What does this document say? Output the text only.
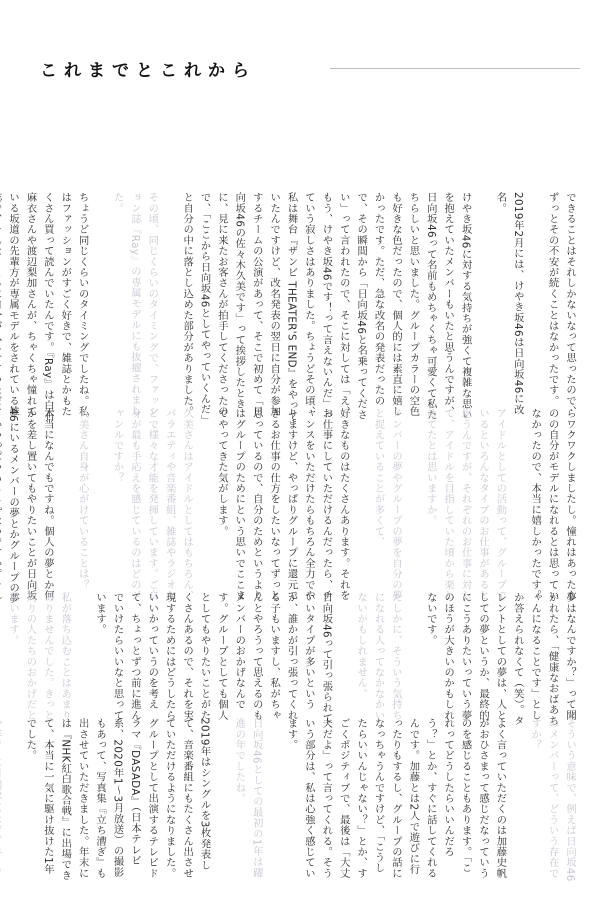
これまでとこれから

できることはそれしかないなって思ったので、ずっとその不安が続くことはなかったです。

2019年2月には、けやき坂46は日向坂46に改名。

けやき坂46に対する気持ちが強くて複雑な思いを抱えていたメンバーもいたと思うんですが、日向坂46って名前もめちゃくちゃ可愛くて私たちらしいと思いました。グループカラーの空色も好きな色だったので、個人的には素直に嬉しかったです。ただ、急な改名の発表だったので、その瞬間から「日向坂46と名乗ってください」って言われたので、そこに対しては「え、もう、けやき坂46です！って言えないんだ」っていう寂しさはありました。ちょうどその頃、私は舞台『ザンビ THEATER'S END』をやっていたんですけど、改名発表の翌日に自分が参加するチームの公演があって、そこで初めて「日向坂46の佐々木久美です」って挨拶したときに、見に来たお客さんが拍手してくださったので、「ここから日向坂46としてやっていくんだ」と自分の中に落とし込めた部分がありました。

その頃、同じくらいのタイミングで、ファッション誌『Ray』の専属モデルにも抜擢されました。

ちょうど同じくらいのタイミングでしたね。私はファッションがすごく好きで、雑誌とかもたくさん買って読んでいたんです。『Ray』は白石麻衣さんや渡辺梨加さんが、ちゃくちゃ憧れている坂道の先輩方が専属モデルをされている雑	らワクワクしましたし。憧れはあったものの自分がモデルになれるとは思っていなかったので、本当に嬉しかったです。

アイドルとしての活動って、グループでいるといろんなタイプのお仕事があると思うんですが、それぞれのお仕事に対して、アイドルを目指していた頃から楽しめてたとは思いますか。

メンバーの夢やグループの夢を自分の夢と捉えていることが多くて、

好きなものはたくさんあります。それをお仕事にしていただけるんだったら、チャンスをいただけたらもちろん全力でやりますけど、やっぱりグループに還元できるお仕事の仕方をしたいなってずっと思っているので、自分のためというよりはグループのためにという思いでここまでやってきた気がします。

久美さんはアイドルとしてはもちろん、バラエティや音楽番組、雑誌やラジオなどで様々な才能を発揮しています。ご自身が最も手応えを感じているのはどのジャンルですか？

久美さん自身が心がけていることは？

本当になんでもですね。個人の夢とか何かを差し置いてもやりたいことが日向坂46にいるメンバーの夢とかグループの夢	夢はなんですか？」って聞かれたら、「健康なおばあちゃんになることです」としか答えられなくて（笑）。タレントとしての夢は、人としての夢というか、最終的にこうありたいっていう夢のほうが大きいのかもしれないです。

たしかに、そういう気持ちになれる人ってなかなかいないかもしれません。

日向坂46って引っ張られていいタイプが多いというか、誰かが引っ張ってくれる子もいますし、私がちゃんとやろうって思えるのもメンバーのおかげなんです。グループとしても個人としてもやりたいことがたくさんあるので、それを実現するためにはどうしたらいいかっていうのを考えて、ちょっとずつ前に進んでいけたらいいなと思っています。

私が落ち込むことはあまりありませんでした。きっと周りの人たちのおかげだと思います。

そういう意味で、例えば日向坂46のメンバーって、どういう存在ですか？

よく言っていただくのは加藤史帆がおひさまって感じだなっていうのを感じることもあります。「これってどうしたらいいんだろう？」とか、すぐに話してくれるんです。加藤とは2人で遊びに行ったりもするし、グループの話になっちゃうんですけど、「こうしたらいいんじゃない？」とか、すごくポジティブで、最後は「大丈夫だよ」って言ってくれる。そういう部分は、私は心強く感じています。

日向坂46としての最初の1年は躍進の年でしたね。

2019年はシングルを3枚発表して、音楽番組にもたくさん出させていただけるようになりました。グループとして出演するテレビドラマ『DASADA』（日本テレビ系、2020年1〜3月放送）の撮影もあって、写真集『立ち漕ぎ』も出させていただきました。年末には『NHK紅白歌合戦』に出場できて、本当に一気に駆け抜けた1年でした。
